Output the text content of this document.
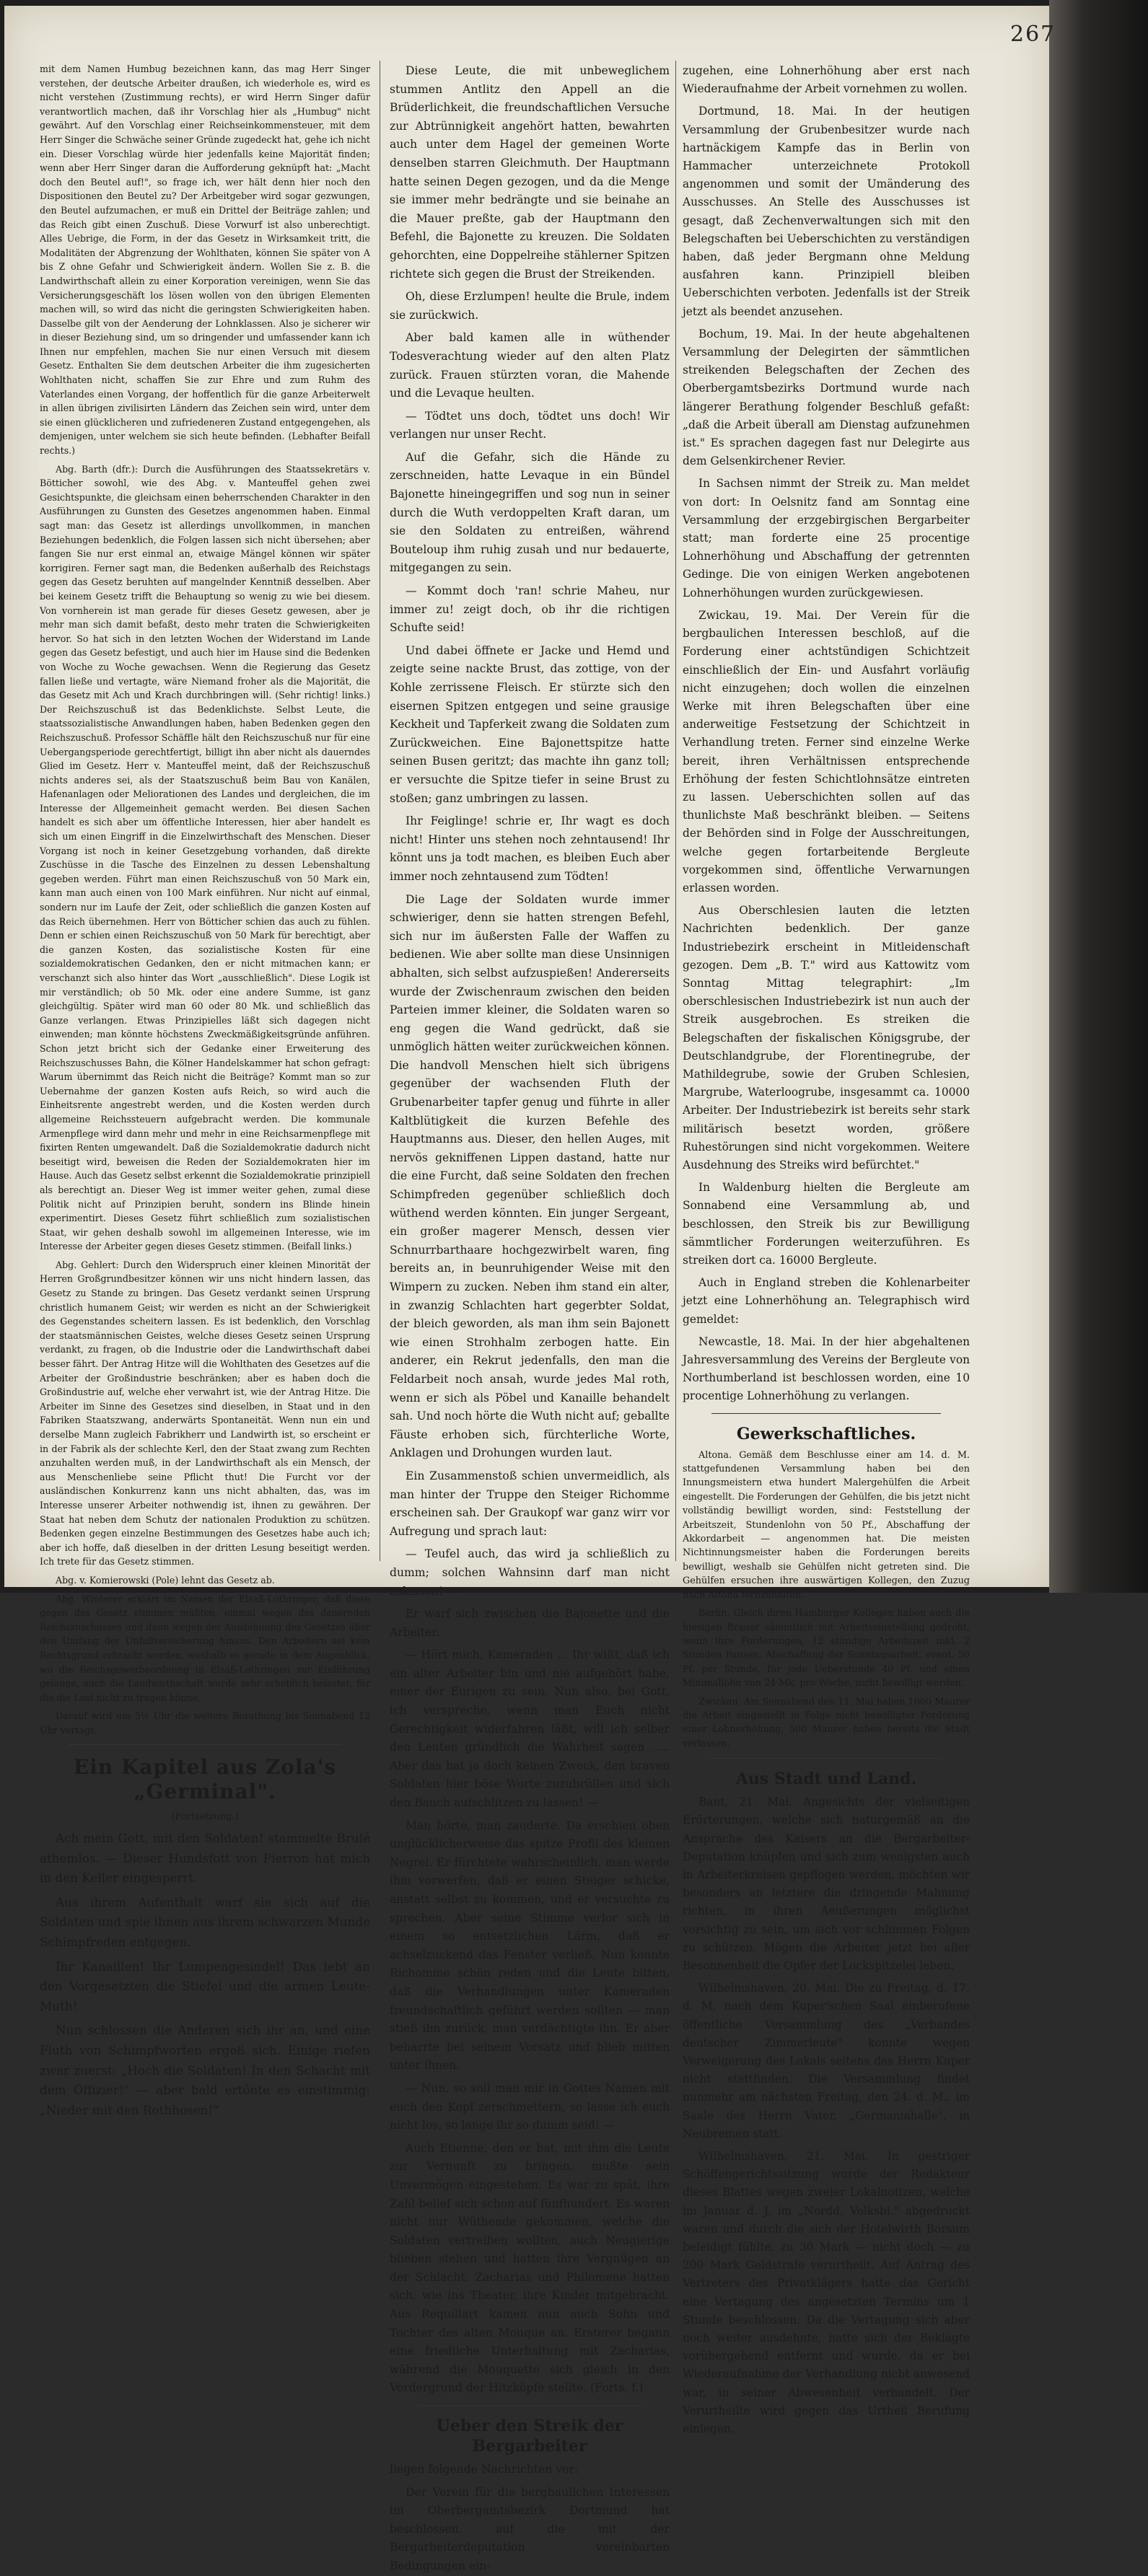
267

mit dem Namen Humbug bezeichnen kann, das mag Herr Singer verstehen, der deutsche Arbeiter draußen, ich wiederhole es, wird es nicht verstehen (Zustimmung rechts), er wird Herrn Singer dafür verantwortlich machen, daß ihr Vorschlag hier als „Humbug" nicht gewährt. Auf den Vorschlag einer Reichseinkommensteuer, mit dem Herr Singer die Schwäche seiner Gründe zugedeckt hat, gehe ich nicht ein. Dieser Vorschlag würde hier jedenfalls keine Majorität finden; wenn aber Herr Singer daran die Aufforderung geknüpft hat: „Macht doch den Beutel auf!", so frage ich, wer hält denn hier noch den Dispositionen den Beutel zu? Der Arbeitgeber wird sogar gezwungen, den Beutel aufzumachen, er muß ein Drittel der Beiträge zahlen; und das Reich gibt einen Zuschuß. Diese Vorwurf ist also unberechtigt. Alles Uebrige, die Form, in der das Gesetz in Wirksamkeit tritt, die Modalitäten der Abgrenzung der Wohlthaten, können Sie später von A bis Z ohne Gefahr und Schwierigkeit ändern. Wollen Sie z. B. die Landwirthschaft allein zu einer Korporation vereinigen, wenn Sie das Versicherungsgeschäft los lösen wollen von den übrigen Elementen machen will, so wird das nicht die geringsten Schwierigkeiten haben. Dasselbe gilt von der Aenderung der Lohnklassen. Also je sicherer wir in dieser Beziehung sind, um so dringender und umfassender kann ich Ihnen nur empfehlen, machen Sie nur einen Versuch mit diesem Gesetz. Enthalten Sie dem deutschen Arbeiter die ihm zugesicherten Wohlthaten nicht, schaffen Sie zur Ehre und zum Ruhm des Vaterlandes einen Vorgang, der hoffentlich für die ganze Arbeiterwelt in allen übrigen zivilisirten Ländern das Zeichen sein wird, unter dem sie einen glücklicheren und zufriedeneren Zustand entgegengehen, als demjenigen, unter welchem sie sich heute befinden. (Lebhafter Beifall rechts.)

Abg. Barth (dfr.): Durch die Ausführungen des Staatssekretärs v. Bötticher sowohl, wie des Abg. v. Manteuffel gehen zwei Gesichtspunkte, die gleichsam einen beherrschenden Charakter in den Ausführungen zu Gunsten des Gesetzes angenommen haben. Einmal sagt man: das Gesetz ist allerdings unvollkommen, in manchen Beziehungen bedenklich, die Folgen lassen sich nicht übersehen; aber fangen Sie nur erst einmal an, etwaige Mängel können wir später korrigiren. Ferner sagt man, die Bedenken außerhalb des Reichstags gegen das Gesetz beruhten auf mangelnder Kenntniß desselben. Aber bei keinem Gesetz trifft die Behauptung so wenig zu wie bei diesem. Von vornherein ist man gerade für dieses Gesetz gewesen, aber je mehr man sich damit befaßt, desto mehr traten die Schwierigkeiten hervor. So hat sich in den letzten Wochen der Widerstand im Lande gegen das Gesetz befestigt, und auch hier im Hause sind die Bedenken von Woche zu Woche gewachsen. Wenn die Regierung das Gesetz fallen ließe und vertagte, wäre Niemand froher als die Majorität, die das Gesetz mit Ach und Krach durchbringen will. (Sehr richtig! links.) Der Reichszuschuß ist das Bedenklichste. Selbst Leute, die staatssozialistische Anwandlungen haben, haben Bedenken gegen den Reichszuschuß. Professor Schäffle hält den Reichszuschuß nur für eine Uebergangsperiode gerechtfertigt, billigt ihn aber nicht als dauerndes Glied im Gesetz. Herr v. Manteuffel meint, daß der Reichszuschuß nichts anderes sei, als der Staatszuschuß beim Bau von Kanälen, Hafenanlagen oder Meliorationen des Landes und dergleichen, die im Interesse der Allgemeinheit gemacht werden. Bei diesen Sachen handelt es sich aber um öffentliche Interessen, hier aber handelt es sich um einen Eingriff in die Einzelwirthschaft des Menschen. Dieser Vorgang ist noch in keiner Gesetzgebung vorhanden, daß direkte Zuschüsse in die Tasche des Einzelnen zu dessen Lebenshaltung gegeben werden. Führt man einen Reichszuschuß von 50 Mark ein, kann man auch einen von 100 Mark einführen. Nur nicht auf einmal, sondern nur im Laufe der Zeit, oder schließlich die ganzen Kosten auf das Reich übernehmen. Herr von Bötticher schien das auch zu fühlen. Denn er schien einen Reichszuschuß von 50 Mark für berechtigt, aber die ganzen Kosten, das sozialistische Kosten für eine sozialdemokratischen Gedanken, den er nicht mitmachen kann; er verschanzt sich also hinter das Wort „ausschließlich". Diese Logik ist mir verständlich; ob 50 Mk. oder eine andere Summe, ist ganz gleichgültig. Später wird man 60 oder 80 Mk. und schließlich das Ganze verlangen. Etwas Prinzipielles läßt sich dagegen nicht einwenden; man könnte höchstens Zweckmäßigkeitsgründe anführen. Schon jetzt bricht sich der Gedanke einer Erweiterung des Reichszuschusses Bahn, die Kölner Handelskammer hat schon gefragt: Warum übernimmt das Reich nicht die Beiträge? Kommt man so zur Uebernahme der ganzen Kosten aufs Reich, so wird auch die Einheitsrente angestrebt werden, und die Kosten werden durch allgemeine Reichssteuern aufgebracht werden. Die kommunale Armenpflege wird dann mehr und mehr in eine Reichsarmenpflege mit fixirten Renten umgewandelt. Daß die Sozialdemokratie dadurch nicht beseitigt wird, beweisen die Reden der Sozialdemokraten hier im Hause. Auch das Gesetz selbst erkennt die Sozialdemokratie prinzipiell als berechtigt an. Dieser Weg ist immer weiter gehen, zumal diese Politik nicht auf Prinzipien beruht, sondern ins Blinde hinein experimentirt. Dieses Gesetz führt schließlich zum sozialistischen Staat, wir gehen deshalb sowohl im allgemeinen Interesse, wie im Interesse der Arbeiter gegen dieses Gesetz stimmen. (Beifall links.)

Abg. Gehlert: Durch den Widerspruch einer kleinen Minorität der Herren Großgrundbesitzer können wir uns nicht hindern lassen, das Gesetz zu Stande zu bringen. Das Gesetz verdankt seinen Ursprung christlich humanem Geist; wir werden es nicht an der Schwierigkeit des Gegenstandes scheitern lassen. Es ist bedenklich, den Vorschlag der staatsmännischen Geistes, welche dieses Gesetz seinen Ursprung verdankt, zu fragen, ob die Industrie oder die Landwirthschaft dabei besser fährt. Der Antrag Hitze will die Wohlthaten des Gesetzes auf die Arbeiter der Großindustrie beschränken; aber es haben doch die Großindustrie auf, welche eher verwahrt ist, wie der Antrag Hitze. Die Arbeiter im Sinne des Gesetzes sind dieselben, in Staat und in den Fabriken Staatszwang, anderwärts Spontaneität. Wenn nun ein und derselbe Mann zugleich Fabrikherr und Landwirth ist, so erscheint er in der Fabrik als der schlechte Kerl, den der Staat zwang zum Rechten anzuhalten werden muß, in der Landwirthschaft als ein Mensch, der aus Menschenliebe seine Pflicht thut! Die Furcht vor der ausländischen Konkurrenz kann uns nicht abhalten, das, was im Interesse unserer Arbeiter nothwendig ist, ihnen zu gewähren. Der Staat hat neben dem Schutz der nationalen Produktion zu schützen. Bedenken gegen einzelne Bestimmungen des Gesetzes habe auch ich; aber ich hoffe, daß dieselben in der dritten Lesung beseitigt werden. Ich trete für das Gesetz stimmen.

Abg. v. Komierowski (Pole) lehnt das Gesetz ab.

Abg. Winterer erklärt im Namen der Elsaß-Lothringer, daß diese gegen das Gesetz stimmen müßten, einmal wegen des dauernden Reichszuschusses und dann wegen der Ausdehnung des Gesetzes über den Umfang der Unfallversicherung hinaus. Den Arbeitern sei kein Rechtsgrund erbracht worden, weshalb es gerade in dem Augenblick, wo die Reichsgewerbeordnung in Elsaß-Lothringen zur Einführung gelange, auch die Landwirthschaft werde sehr erheblich belastet, für die die Last nicht zu tragen könne.

Darauf wird um 5½ Uhr die weitere Berathung bis Sonnabend 12 Uhr vertagt.

Ein Kapitel aus Zola's „Germinal".
(Fortsetzung.)

Ach mein Gott, mit den Soldaten! stammelte Brulé athemlos. — Dieser Hundsfott von Pierron hat mich in den Keller eingesperrt.

Aus ihrem Aufenthalt warf sie sich auf die Soldaten und spie ihnen aus ihrem schwarzen Munde Schimpfreden entgegen.

Ihr Kanaillen! Ihr Lumpengesindel! Das lebt an den Vorgesetzten die Stiefel und die armen Leute-Muth!

Nun schlossen die Anderen sich ihr an, und eine Fluth von Schimpfworten ergoß sich. Einige riefen zwar zuerst: „Hoch die Soldaten! In den Schacht mit dem Offizier!" — aber bald ertönte es einstimmig: „Nieder mit den Rothhosen!"

Diese Leute, die mit unbeweglichem stummen Antlitz den Appell an die Brüderlichkeit, die freundschaftlichen Versuche zur Abtrünnigkeit angehört hatten, bewahrten auch unter dem Hagel der gemeinen Worte denselben starren Gleichmuth. Der Hauptmann hatte seinen Degen gezogen, und da die Menge sie immer mehr bedrängte und sie beinahe an die Mauer preßte, gab der Hauptmann den Befehl, die Bajonette zu kreuzen. Die Soldaten gehorchten, eine Doppelreihe stählerner Spitzen richtete sich gegen die Brust der Streikenden.

Oh, diese Erzlumpen! heulte die Brule, indem sie zurückwich.

Aber bald kamen alle in wüthender Todesverachtung wieder auf den alten Platz zurück. Frauen stürzten voran, die Mahende und die Levaque heulten.

— Tödtet uns doch, tödtet uns doch! Wir verlangen nur unser Recht.

Auf die Gefahr, sich die Hände zu zerschneiden, hatte Levaque in ein Bündel Bajonette hineingegriffen und sog nun in seiner durch die Wuth verdoppelten Kraft daran, um sie den Soldaten zu entreißen, während Bouteloup ihm ruhig zusah und nur bedauerte, mitgegangen zu sein.

— Kommt doch 'ran! schrie Maheu, nur immer zu! zeigt doch, ob ihr die richtigen Schufte seid!

Und dabei öffnete er Jacke und Hemd und zeigte seine nackte Brust, das zottige, von der Kohle zerrissene Fleisch. Er stürzte sich den eisernen Spitzen entgegen und seine grausige Keckheit und Tapferkeit zwang die Soldaten zum Zurückweichen. Eine Bajonettspitze hatte seinen Busen geritzt; das machte ihn ganz toll; er versuchte die Spitze tiefer in seine Brust zu stoßen; ganz umbringen zu lassen.

Ihr Feiglinge! schrie er, Ihr wagt es doch nicht! Hinter uns stehen noch zehntausend! Ihr könnt uns ja todt machen, es bleiben Euch aber immer noch zehntausend zum Tödten!

Die Lage der Soldaten wurde immer schwieriger, denn sie hatten strengen Befehl, sich nur im äußersten Falle der Waffen zu bedienen. Wie aber sollte man diese Unsinnigen abhalten, sich selbst aufzuspießen! Andererseits wurde der Zwischenraum zwischen den beiden Parteien immer kleiner, die Soldaten waren so eng gegen die Wand gedrückt, daß sie unmöglich hätten weiter zurückweichen können. Die handvoll Menschen hielt sich übrigens gegenüber der wachsenden Fluth der Grubenarbeiter tapfer genug und führte in aller Kaltblütigkeit die kurzen Befehle des Hauptmanns aus. Dieser, den hellen Auges, mit nervös gekniffenen Lippen dastand, hatte nur die eine Furcht, daß seine Soldaten den frechen Schimpfreden gegenüber schließlich doch wüthend werden könnten. Ein junger Sergeant, ein großer magerer Mensch, dessen vier Schnurrbarthaare hochgezwirbelt waren, fing bereits an, in beunruhigender Weise mit den Wimpern zu zucken. Neben ihm stand ein alter, in zwanzig Schlachten hart gegerbter Soldat, der bleich geworden, als man ihm sein Bajonett wie einen Strohhalm zerbogen hatte. Ein anderer, ein Rekrut jedenfalls, den man die Feldarbeit noch ansah, wurde jedes Mal roth, wenn er sich als Pöbel und Kanaille behandelt sah. Und noch hörte die Wuth nicht auf; geballte Fäuste erhoben sich, fürchterliche Worte, Anklagen und Drohungen wurden laut.

Ein Zusammenstoß schien unvermeidlich, als man hinter der Truppe den Steiger Richomme erscheinen sah. Der Graukopf war ganz wirr vor Aufregung und sprach laut:

— Teufel auch, das wird ja schließlich zu dumm; solchen Wahnsinn darf man nicht zulassen! —

Er warf sich zwischen die Bajonette und die Arbeiter.

— Hört mich, Kameraden ... Ihr wißt, daß ich ein alter Arbeiter bin und nie aufgehört habe, einer der Eurigen zu sein. Nun also, bei Gott, ich verspreche, wenn man Euch nicht Gerechtigkeit widerfahren läßt, will ich selber den Leuten gründlich die Wahrheit sagen ..... Aber das hat ja doch keinen Zweck, den braven Soldaten hier böse Worte zuzubrüllen und sich den Bauch aufschlitzen zu lassen! —

Man hörte, man zauderte. Da erschien oben unglücklicherweise das spitze Profil des kleinen Negrel. Er fürchtete wahrscheinlich, man werde ihm vorwerfen, daß er einen Steiger schicke, anstatt selbst zu kommen, und er versuchte zu sprechen. Aber seine Stimme verlor sich in einem so entsetzlichen Lärm, daß er achselzuckend das Fenster verließ. Nun konnte Richomme schön reden und die Leute bitten, daß die Verhandlungen unter Kameraden freundschaftlich geführt werden sollten — man stieß ihn zurück, man verdächtigte ihn. Er aber beharrte bei seinem Vorsatz und blieb mitten unter ihnen.

— Nun, so soll man mir in Gottes Namen mit euch den Kopf zerschmettern, so lasse ich euch nicht los, so lange ihr so dumm seid! —

Auch Etienne, den er bat, mit ihm die Leute zur Vernunft zu bringen, mußte sein Unvermögen eingestehen. Es war zu spät, ihre Zahl belief sich schon auf fünfhundert. Es waren nicht nur Wüthende gekommen, welche die Soldaten vertreiben wollten, auch Neugierige blieben stehen und hatten ihre Vergnügen an der Schlacht. Zacharias und Philomene hatten sich, wie ins Theater, ihre Kinder mitgebracht. Aus Requillart kamen nun auch Sohn und Tochter des alten Mouque an. Ersterer begann eine friedliche Unterhaltung mit Zacharias, während die Mouquette sich gleich in den Vordergrund der Hitzköpfe stellte. (Forts. f.)

Ueber den Streik der Bergarbeiter

liegen folgende Nachrichten vor:

Der Verein für die bergbaulichen Interessen im Oberbergamtsbezirk Dortmund hat beschlossen, auf die mit der Bergarbeiterdeputation vereinbarten Bedingungen ein-

zugehen, eine Lohnerhöhung aber erst nach Wiederaufnahme der Arbeit vornehmen zu wollen.

Dortmund, 18. Mai. In der heutigen Versammlung der Grubenbesitzer wurde nach hartnäckigem Kampfe das in Berlin von Hammacher unterzeichnete Protokoll angenommen und somit der Umänderung des Ausschusses. An Stelle des Ausschusses ist gesagt, daß Zechenverwaltungen sich mit den Belegschaften bei Ueberschichten zu verständigen haben, daß jeder Bergmann ohne Meldung ausfahren kann. Prinzipiell bleiben Ueberschichten verboten. Jedenfalls ist der Streik jetzt als beendet anzusehen.

Bochum, 19. Mai. In der heute abgehaltenen Versammlung der Delegirten der sämmtlichen streikenden Belegschaften der Zechen des Oberbergamtsbezirks Dortmund wurde nach längerer Berathung folgender Beschluß gefaßt: „daß die Arbeit überall am Dienstag aufzunehmen ist." Es sprachen dagegen fast nur Delegirte aus dem Gelsenkirchener Revier.

In Sachsen nimmt der Streik zu. Man meldet von dort: In Oelsnitz fand am Sonntag eine Versammlung der erzgebirgischen Bergarbeiter statt; man forderte eine 25 procentige Lohnerhöhung und Abschaffung der getrennten Gedinge. Die von einigen Werken angebotenen Lohnerhöhungen wurden zurückgewiesen.

Zwickau, 19. Mai. Der Verein für die bergbaulichen Interessen beschloß, auf die Forderung einer achtstündigen Schichtzeit einschließlich der Ein- und Ausfahrt vorläufig nicht einzugehen; doch wollen die einzelnen Werke mit ihren Belegschaften über eine anderweitige Festsetzung der Schichtzeit in Verhandlung treten. Ferner sind einzelne Werke bereit, ihren Verhältnissen entsprechende Erhöhung der festen Schichtlohnsätze eintreten zu lassen. Ueberschichten sollen auf das thunlichste Maß beschränkt bleiben. — Seitens der Behörden sind in Folge der Ausschreitungen, welche gegen fortarbeitende Bergleute vorgekommen sind, öffentliche Verwarnungen erlassen worden.

Aus Oberschlesien lauten die letzten Nachrichten bedenklich. Der ganze Industriebezirk erscheint in Mitleidenschaft gezogen. Dem „B. T." wird aus Kattowitz vom Sonntag Mittag telegraphirt: „Im oberschlesischen Industriebezirk ist nun auch der Streik ausgebrochen. Es streiken die Belegschaften der fiskalischen Königsgrube, der Deutschlandgrube, der Florentinegrube, der Mathildegrube, sowie der Gruben Schlesien, Margrube, Waterloogrube, insgesammt ca. 10000 Arbeiter. Der Industriebezirk ist bereits sehr stark militärisch besetzt worden, größere Ruhestörungen sind nicht vorgekommen. Weitere Ausdehnung des Streiks wird befürchtet."

In Waldenburg hielten die Bergleute am Sonnabend eine Versammlung ab, und beschlossen, den Streik bis zur Bewilligung sämmtlicher Forderungen weiterzuführen. Es streiken dort ca. 16000 Bergleute.

Auch in England streben die Kohlenarbeiter jetzt eine Lohnerhöhung an. Telegraphisch wird gemeldet:

Newcastle, 18. Mai. In der hier abgehaltenen Jahresversammlung des Vereins der Bergleute von Northumberland ist beschlossen worden, eine 10 procentige Lohnerhöhung zu verlangen.

Gewerkschaftliches.

Altona. Gemäß dem Beschlusse einer am 14. d. M. stattgefundenen Versammlung haben bei den Innungsmeistern etwa hundert Malergehülfen die Arbeit eingestellt. Die Forderungen der Gehülfen, die bis jetzt nicht vollständig bewilligt worden, sind: Feststellung der Arbeitszeit, Stundenlohn von 50 Pf., Abschaffung der Akkordarbeit — angenommen hat. Die meisten Nichtinnungsmeister haben die Forderungen bereits bewilligt, weshalb sie Gehülfen nicht getreten sind. Die Gehülfen ersuchen ihre auswärtigen Kollegen, den Zuzug nach Altona fernzuhalten.

Berlin. Gleich ihren Hamburger Kollegen haben auch die hiesigen Brauer sämmtlich mit Arbeitseinstellung gedroht, wenn ihre Forderungen, 12 stündige Arbeitszeit inkl. 2 Stunden Pausen, Abschaffung der Sonntagsarbeit, event. 50 Pf. per Stunde, für jede Ueberstunde 40 Pf. und einen Minimallohn von 24 Mk. pro Woche, nicht bewilligt werden.

Zwickau. Am Sonnabend den 11. Mai haben 1000 Maurer die Arbeit eingestellt in Folge nicht bewilligter Forderung einer Lohnerhöhung. 500 Maurer haben bereits die Stadt verlassen.

Aus Stadt und Land.

Bant, 21. Mai. Angesichts der vielseitigen Erörterungen, welche sich naturgemäß an die Ansprache des Kaisers an die Bergarbeiter-Deputation knüpfen und sich zum wenigsten auch in Arbeiterkreisen gepflogen werden, möchten wir besonders an letztere die dringende Mahnung richten, in ihren Aeußerungen möglichst vorsichtig zu sein, um sich vor schlimmen Folgen zu schützen. Mögen die Arbeiter jetzt bei aller Besonnenheit die Opfer der Lockspitzelei leben.

Wilhelmshaven, 20. Mai. Die zu Freitag, d. 17. d. M. nach dem Kuper'schen Saal einberufene öffentliche Versammlung des „Verbandes deutscher Zimmerleute" konnte wegen Verweigerung des Lokals seitens des Herrn Kuper nicht stattfinden. Die Versammlung findet nunmehr am nächsten Freitag, den 24. d. M., im Saale des Herrn Vater, „Germaniahalle", in Neubremen statt.

Wilhelmshaven, 21. Mai. In gestriger Schöffengerichtssitzung wurde der Redakteur dieses Blattes wegen zweier Lokalnotizen, welche im Januar d. J. im „Nordd. Volksbl." abgedruckt waren und durch die sich der Hotelwirth Borsum beleidigt fühlte, zu 30 Mark — nicht doch — zu 200 Mark Geldstrafe verurtheilt. Auf Antrag des Vertreters des Privatklägers hatte das Gericht eine Vertagung des angesetzten Termins um 1 Stunde beschlossen. Da die Vertagung sich aber noch weiter ausdehnte, hatte sich der Beklagte vorübergehend entfernt und wurde, da er bei Wiederaufnahme der Verhandlung nicht anwesend war, in seiner Abwesenheit verhandelt. Der Verurtheilte wird gegen das Urtheil Berufung einlegen.
